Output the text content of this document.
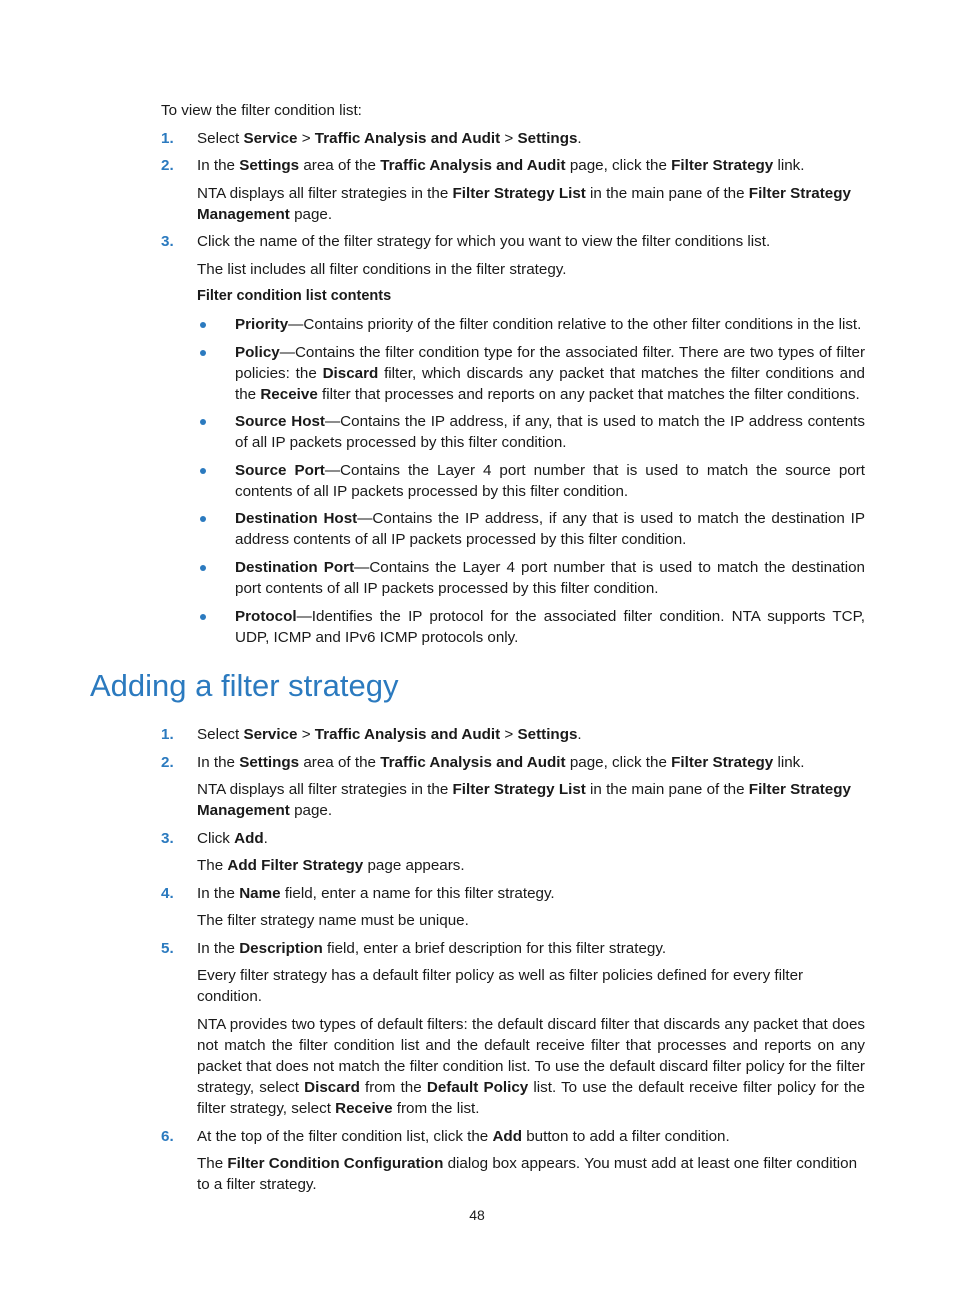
To view the filter condition list:

1. Select Service > Traffic Analysis and Audit > Settings.
2. In the Settings area of the Traffic Analysis and Audit page, click the Filter Strategy link.

NTA displays all filter strategies in the Filter Strategy List in the main pane of the Filter Strategy Management page.

3. Click the name of the filter strategy for which you want to view the filter conditions list.

The list includes all filter conditions in the filter strategy.

Filter condition list contents
Priority—Contains priority of the filter condition relative to the other filter conditions in the list.
Policy—Contains the filter condition type for the associated filter. There are two types of filter policies: the Discard filter, which discards any packet that matches the filter conditions and the Receive filter that processes and reports on any packet that matches the filter conditions.
Source Host—Contains the IP address, if any, that is used to match the IP address contents of all IP packets processed by this filter condition.
Source Port—Contains the Layer 4 port number that is used to match the source port contents of all IP packets processed by this filter condition.
Destination Host—Contains the IP address, if any that is used to match the destination IP address contents of all IP packets processed by this filter condition.
Destination Port—Contains the Layer 4 port number that is used to match the destination port contents of all IP packets processed by this filter condition.
Protocol—Identifies the IP protocol for the associated filter condition. NTA supports TCP, UDP, ICMP and IPv6 ICMP protocols only.
Adding a filter strategy
1. Select Service > Traffic Analysis and Audit > Settings.
2. In the Settings area of the Traffic Analysis and Audit page, click the Filter Strategy link.

NTA displays all filter strategies in the Filter Strategy List in the main pane of the Filter Strategy Management page.

3. Click Add.

The Add Filter Strategy page appears.

4. In the Name field, enter a name for this filter strategy.

The filter strategy name must be unique.

5. In the Description field, enter a brief description for this filter strategy.

Every filter strategy has a default filter policy as well as filter policies defined for every filter condition.

NTA provides two types of default filters: the default discard filter that discards any packet that does not match the filter condition list and the default receive filter that processes and reports on any packet that does not match the filter condition list. To use the default discard filter policy for the filter strategy, select Discard from the Default Policy list. To use the default receive filter policy for the filter strategy, select Receive from the list.

6. At the top of the filter condition list, click the Add button to add a filter condition.

The Filter Condition Configuration dialog box appears. You must add at least one filter condition to a filter strategy.

48
